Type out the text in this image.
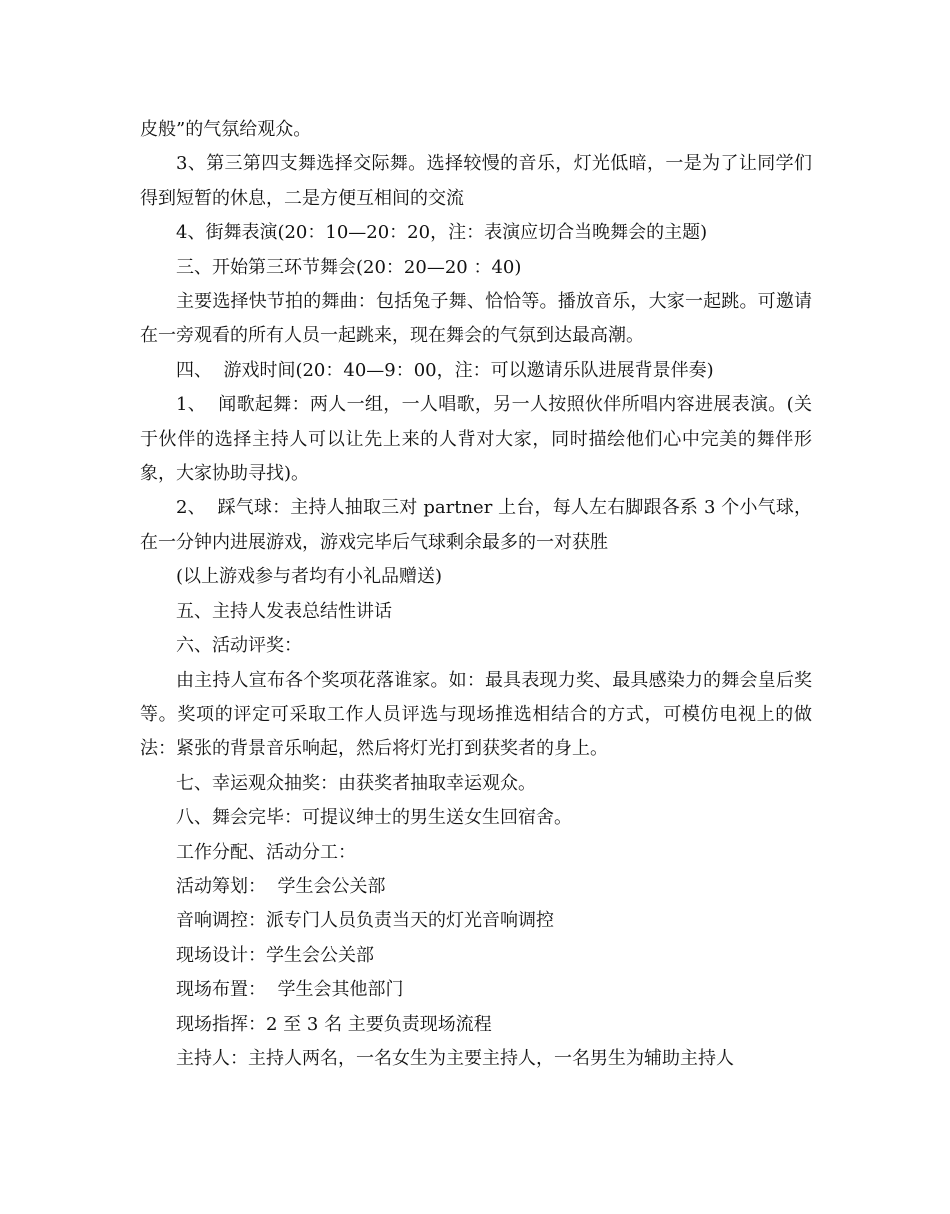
皮般”的气氛给观众。

3、第三第四支舞选择交际舞。选择较慢的音乐，灯光低暗，一是为了让同学们得到短暂的休息，二是方便互相间的交流

4、街舞表演(20：10—20：20，注：表演应切合当晚舞会的主题)

三、开始第三环节舞会(20：20—20 ：40)

主要选择快节拍的舞曲：包括兔子舞、恰恰等。播放音乐，大家一起跳。可邀请在一旁观看的所有人员一起跳来，现在舞会的气氛到达最高潮。

四、  游戏时间(20：40—9：00，注：可以邀请乐队进展背景伴奏)

1、  闻歌起舞：两人一组，一人唱歌，另一人按照伙伴所唱内容进展表演。(关于伙伴的选择主持人可以让先上来的人背对大家，同时描绘他们心中完美的舞伴形象，大家协助寻找)。

2、  踩气球：主持人抽取三对 partner 上台，每人左右脚跟各系 3 个小气球，在一分钟内进展游戏，游戏完毕后气球剩余最多的一对获胜

(以上游戏参与者均有小礼品赠送)

五、主持人发表总结性讲话

六、活动评奖：

由主持人宣布各个奖项花落谁家。如：最具表现力奖、最具感染力的舞会皇后奖等。奖项的评定可采取工作人员评选与现场推选相结合的方式，可模仿电视上的做法：紧张的背景音乐响起，然后将灯光打到获奖者的身上。

七、幸运观众抽奖：由获奖者抽取幸运观众。

八、舞会完毕：可提议绅士的男生送女生回宿舍。

工作分配、活动分工：

活动筹划：  学生会公关部

音响调控：派专门人员负责当天的灯光音响调控

现场设计：学生会公关部

现场布置：  学生会其他部门

现场指挥：2 至 3 名 主要负责现场流程

主持人：主持人两名，一名女生为主要主持人，一名男生为辅助主持人
